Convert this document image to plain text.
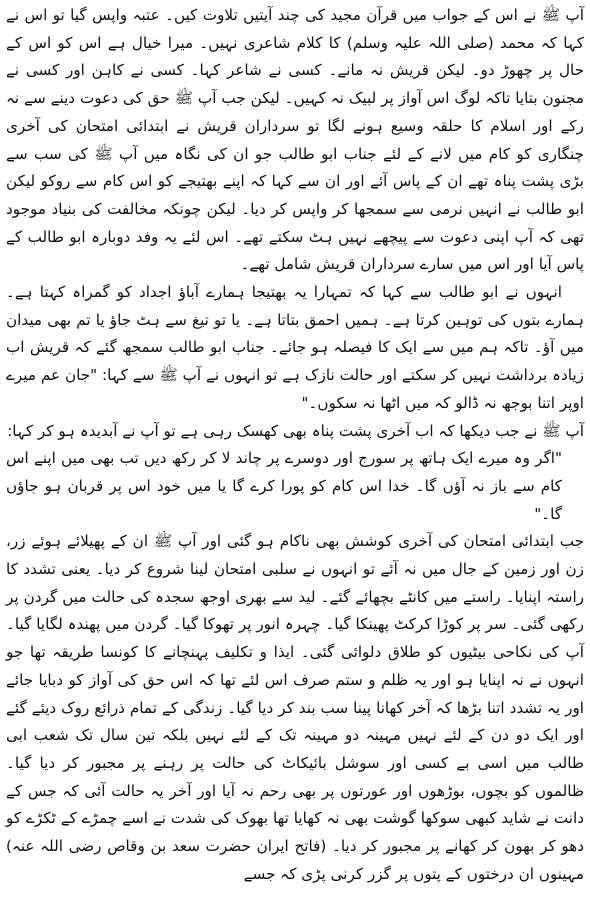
آپ ﷺ نے اس کے جواب میں قرآن مجید کی چند آیتیں تلاوت کیں۔ عتبہ واپس گیا تو اس نے کہا کہ محمد (صلی اللہ علیہ وسلم) کا کلام شاعری نہیں۔ میرا خیال ہے اس کو اس کے حال پر چھوڑ دو۔ لیکن قریش نہ مانے۔ کسی نے شاعر کہا۔ کسی نے کاہن اور کسی نے مجنون بتایا تاکہ لوگ اس آواز پر لبیک نہ کہیں۔ لیکن جب آپ ﷺ حق کی دعوت دینے سے نہ رکے اور اسلام کا حلقہ وسیع ہونے لگا تو سرداران قریش نے ابتدائی امتحان کی آخری چنگاری کو کام میں لانے کے لئے جناب ابو طالب جو ان کی نگاہ میں آپ ﷺ کی سب سے بڑی پشت پناہ تھے ان کے پاس آئے اور ان سے کہا کہ اپنے بھتیجے کو اس کام سے روکو لیکن ابو طالب نے انہیں نرمی سے سمجھا کر واپس کر دیا۔ لیکن چونکہ مخالفت کی بنیاد موجود تھی کہ آپ اپنی دعوت سے پیچھے نہیں ہٹ سکتے تھے۔ اس لئے یہ وفد دوبارہ ابو طالب کے پاس آیا اور اس میں سارے سرداران قریش شامل تھے۔

انہوں نے ابو طالب سے کہا کہ تمہارا یہ بھتیجا ہمارے آباؤ اجداد کو گمراہ کہتا ہے۔ ہمارے بتوں کی توہین کرتا ہے۔ ہمیں احمق بتاتا ہے۔ یا تو تیغ سے ہٹ جاؤ یا تم بھی میدان میں آؤ۔ تاکہ ہم میں سے ایک کا فیصلہ ہو جائے۔ جناب ابو طالب سمجھ گئے کہ قریش اب زیادہ برداشت نہیں کر سکتے اور حالت نازک ہے تو انہوں نے آپ ﷺ سے کہا: "جان عم میرے اوپر اتنا بوجھ نہ ڈالو کہ میں اٹھا نہ سکوں۔"

آپ ﷺ نے جب دیکھا کہ اب آخری پشت پناہ بھی کھسک رہی ہے تو آپ نے آبدیدہ ہو کر کہا:

"اگر وہ میرے ایک ہاتھ پر سورج اور دوسرے پر چاند لا کر رکھ دیں تب بھی میں اپنے اس کام سے باز نہ آؤں گا۔ خدا اس کام کو پورا کرے گا یا میں خود اس پر قربان ہو جاؤں گا۔"

جب ابتدائی امتحان کی آخری کوشش بھی ناکام ہو گئی اور آپ ﷺ ان کے پھیلائے ہوئے زر، زن اور زمین کے جال میں نہ آئے تو انہوں نے سلبی امتحان لینا شروع کر دیا۔ یعنی تشدد کا راستہ اپنایا۔ راستے میں کانٹے بچھائے گئے۔ لید سے بھری اوجھ سجدہ کی حالت میں گردن پر رکھی گئی۔ سر پر کوڑا کرکٹ پھینکا گیا۔ چہرہ انور پر تھوکا گیا۔ گردن میں پھندہ لگایا گیا۔ آپ کی نکاحی بیٹیوں کو طلاق دلوائی گئی۔ ایذا و تکلیف پہنچانے کا کونسا طریقہ تھا جو انہوں نے نہ اپنایا ہو اور یہ ظلم و ستم صرف اس لئے تھا کہ اس حق کی آواز کو دبایا جائے اور یہ تشدد اتنا بڑھا کہ آخر کھانا پینا سب بند کر دیا گیا۔ زندگی کے تمام ذرائع روک دیئے گئے اور ایک دو دن کے لئے نہیں مہینہ دو مہینہ تک کے لئے نہیں بلکہ تین سال تک شعب ابی طالب میں اسی بے کسی اور سوشل بائیکاٹ کی حالت پر رہنے پر مجبور کر دیا گیا۔ ظالموں کو بچوں، بوڑھوں اور عورتوں پر بھی رحم نہ آیا اور آخر یہ حالت آئی کہ جس کے دانت نے شاید کبھی سوکھا گوشت بھی نہ کھایا تھا بھوک کی شدت نے اسے چمڑے کے ٹکڑے کو دھو کر بھون کر کھانے پر مجبور کر دیا۔ (فاتح ایران حضرت سعد بن وقاص رضی اللہ عنہ) مہینوں ان درختوں کے پتوں پر گزر کرنی پڑی کہ جسے
